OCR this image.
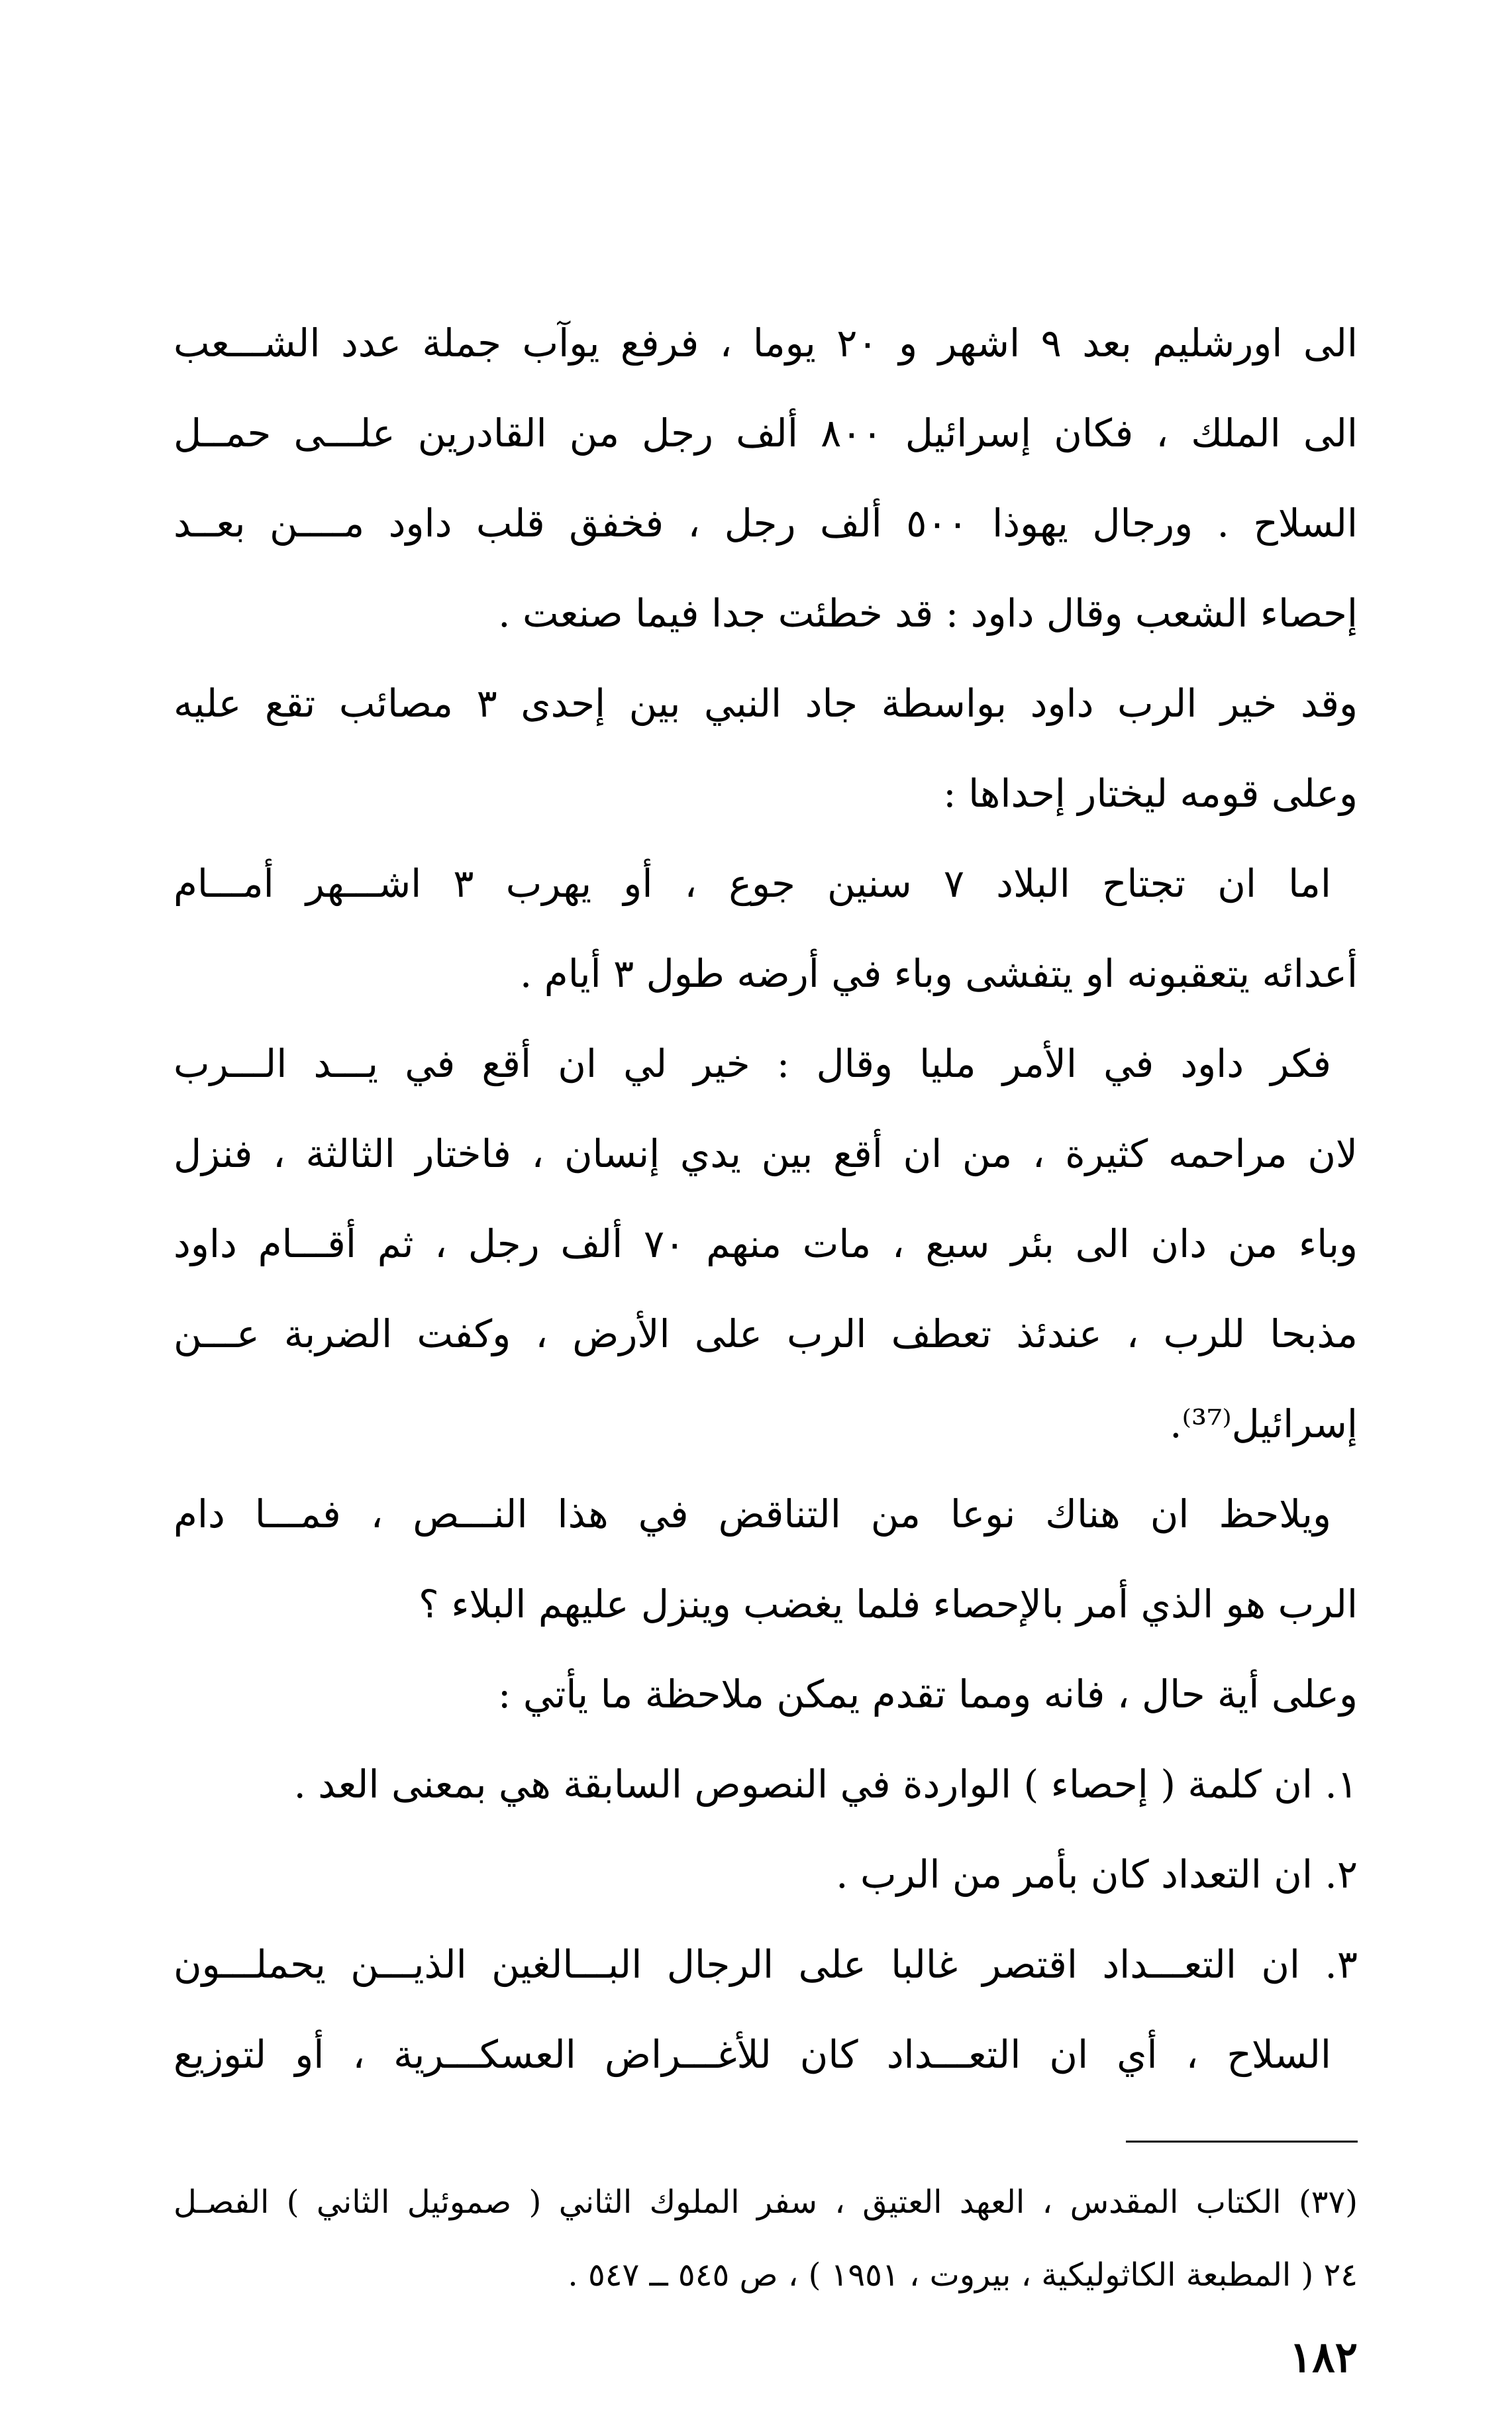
الى اورشليم بعد ٩ اشهر و ٢٠ يوما ، فرفع يوآب جملة عدد الشـــعب
الى الملك ، فكان إسرائيل ٨٠٠ ألف رجل من القادرين علـــى حمــل
السلاح . ورجال يهوذا ٥٠٠ ألف رجل ، فخفق قلب داود مــــن بعــد
إحصاء الشعب وقال داود : قد خطئت جدا فيما صنعت .
وقد خير الرب داود بواسطة جاد النبي بين إحدى ٣ مصائب تقع عليه
وعلى قومه ليختار إحداها :
اما ان تجتاح البلاد ٧ سنين جوع ، أو يهرب ٣ اشـــهر أمـــام
أعدائه يتعقبونه او يتفشى وباء في أرضه طول ٣ أيام .
فكر داود في الأمر مليا وقال : خير لي ان أقع في يـــد الـــرب
لان مراحمه كثيرة ، من ان أقع بين يدي إنسان ، فاختار الثالثة ، فنزل
وباء من دان الى بئر سبع ، مات منهم ٧٠ ألف رجل ، ثم أقـــام داود
مذبحا للرب ، عندئذ تعطف الرب على الأرض ، وكفت الضربة عـــن
إسرائيل⁽³⁷⁾.
ويلاحظ ان هناك نوعا من التناقض في هذا النـــص ، فمـــا دام
الرب هو الذي أمر بالإحصاء فلما يغضب وينزل عليهم البلاء ؟
وعلى أية حال ، فانه ومما تقدم يمكن ملاحظة ما يأتي :
١. ان كلمة ( إحصاء ) الواردة في النصوص السابقة هي بمعنى العد .
٢. ان التعداد كان بأمر من الرب .
٣. ان التعـــداد اقتصر غالبا على الرجال البـــالغين الذيـــن يحملـــون
السلاح ، أي ان التعـــداد كان للأغـــراض العسكـــرية ، أو لتوزيع
(٣٧) الكتاب المقدس ، العهد العتيق ، سفر الملوك الثاني ( صموئيل الثاني ) الفصـل
٢٤ ( المطبعة الكاثوليكية ، بيروت ، ١٩٥١ ) ، ص ٥٤٥ ــ ٥٤٧ .
١٨٢
